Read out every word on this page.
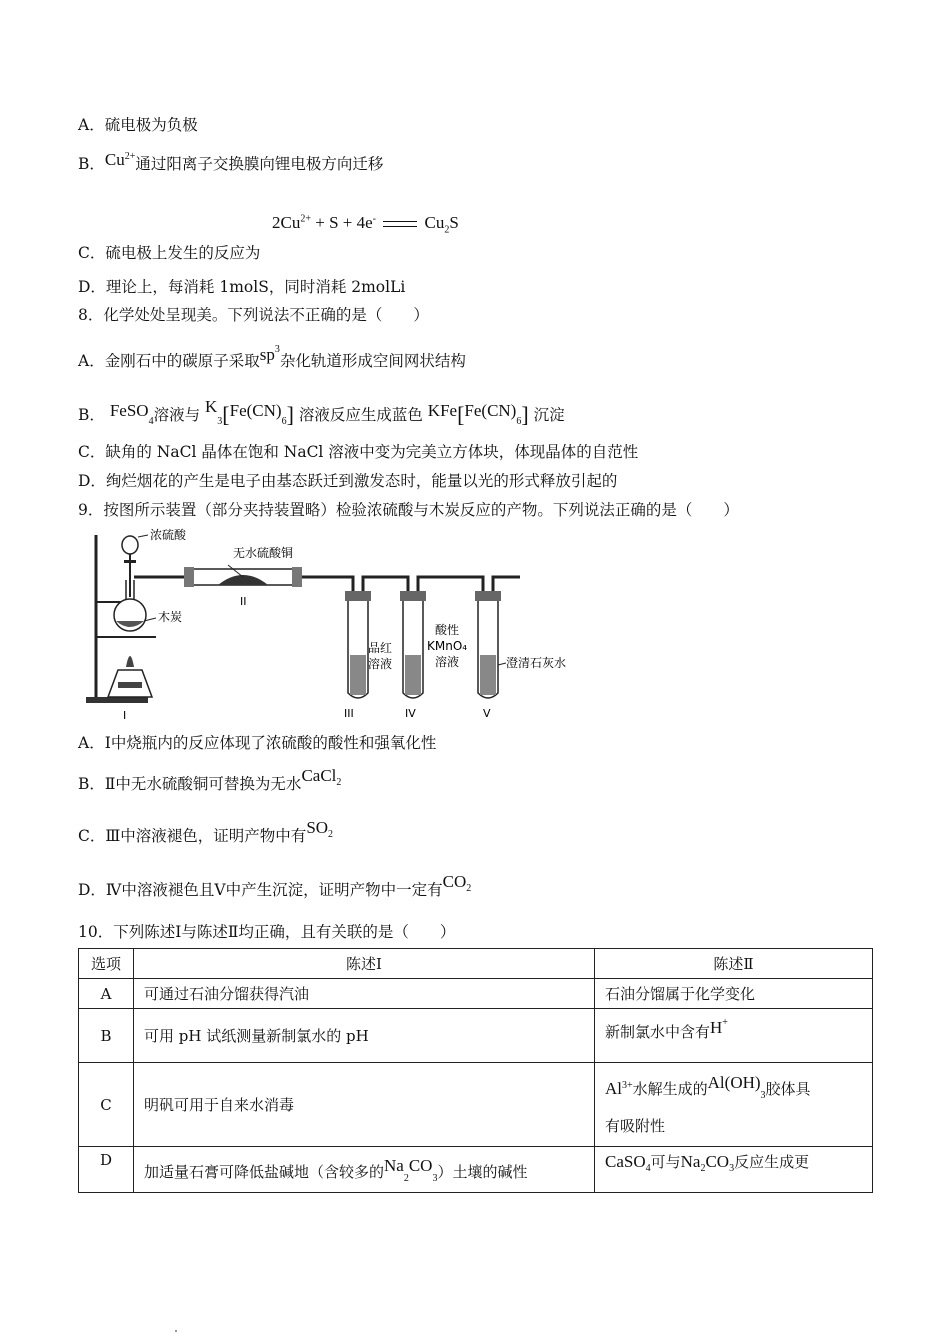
A．硫电极为负极
B．$Cu^{2+}$通过阳离子交换膜向锂电极方向迁移
$2Cu^{2+} + S + 4e^-$	$Cu_2S$
C．硫电极上发生的反应为
D．理论上，每消耗 1molS，同时消耗 2molLi
8．化学处处呈现美。下列说法不正确的是（　　）
A．金刚石中的碳原子采取$sp^3$杂化轨道形成空间网状结构
B． FeSO$_4$溶液与 $K_3[Fe(CN)_6]$ 溶液反应生成蓝色 $KFe[Fe(CN)_6]$ 沉淀
C．缺角的 NaCl 晶体在饱和 NaCl 溶液中变为完美立方体块，体现晶体的自范性
D．绚烂烟花的产生是电子由基态跃迁到激发态时，能量以光的形式释放引起的
9．按图所示装置（部分夹持装置略）检验浓硫酸与木炭反应的产物。下列说法正确的是（　　）
浓硫酸
无水硫酸铜
II
木炭
I
品红
溶液
酸性
KMnO₄
溶液	澄清石灰水
III	IV	V
A．Ⅰ中烧瓶内的反应体现了浓硫酸的酸性和强氧化性
B．Ⅱ中无水硫酸铜可替换为无水CaCl$_2$
C．Ⅲ中溶液褪色，证明产物中有$SO_2$
D．Ⅳ中溶液褪色且Ⅴ中产生沉淀，证明产物中一定有$CO_2$
10．下列陈述Ⅰ与陈述Ⅱ均正确，且有关联的是（　　）
选项	陈述Ⅰ	陈述Ⅱ
A	可通过石油分馏获得汽油	石油分馏属于化学变化
B	可用 pH 试纸测量新制氯水的 pH	新制氯水中含有H+
C	明矾可用于自来水消毒	$Al^{3+}$水解生成的$Al(OH)_3$胶体具
有吸附性
D	加适量石膏可降低盐碱地（含较多的$Na_2CO_3$）土壤的碱性	CaSO$_4$可与$Na_2CO_3$反应生成更
